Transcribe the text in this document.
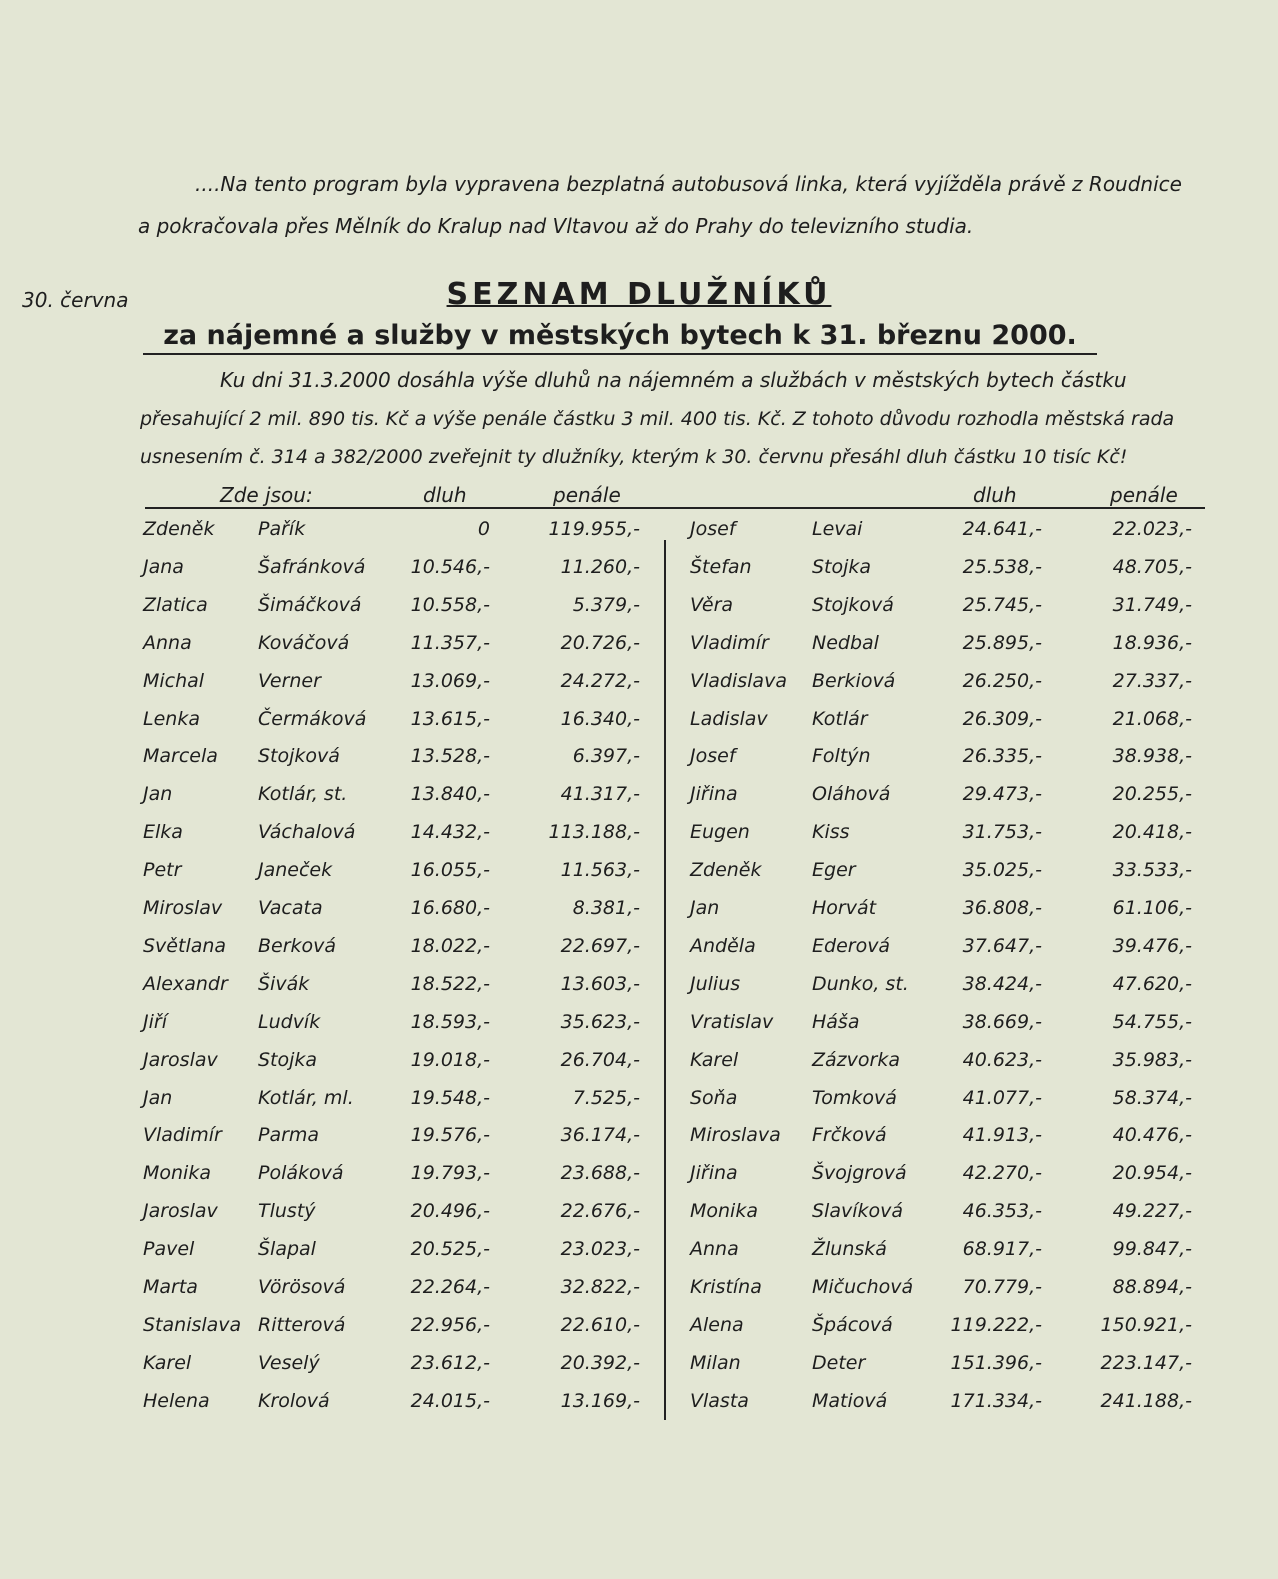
....Na tento program byla vypravena bezplatná autobusová linka, která vyjížděla právě z Roudnice
a pokračovala přes Mělník do Kralup nad Vltavou až do Prahy do televizního studia.
30. června	SEZNAM DLUŽNÍKŮ
za nájemné a služby v městských bytech k 31. březnu 2000.
Ku dni 31.3.2000 dosáhla výše dluhů na nájemném a službách v městských bytech částku
přesahující 2 mil. 890 tis. Kč a výše penále částku 3 mil. 400 tis. Kč. Z tohoto důvodu rozhodla městská rada
usnesením č. 314 a 382/2000 zveřejnit ty dlužníky, kterým k 30. červnu přesáhl dluh částku 10 tisíc Kč!
Zde jsou:	dluh	penále	dluh	penále
Zdeněk Pařík	0	119.955,-
Jana	Šafránková	10.546,-	11.260,-
Zlatica	Šimáčková	10.558,-	5.379,-
Anna	Kováčová	11.357,-	20.726,-
Michal	Verner	13.069,-	24.272,-
Lenka	Čermáková	13.615,-	16.340,-
Marcela Stojková	13.528,-	6.397,-
Jan	Kotlár, st.	13.840,-	41.317,-
Elka	Váchalová	14.432,-	113.188,-
Petr	Janeček	16.055,-	11.563,-
Miroslav Vacata	16.680,-	8.381,-
Světlana Berková	18.022,-	22.697,-
Alexandr Šivák	18.522,-	13.603,-
Jiří	Ludvík	18.593,-	35.623,-
Jaroslav Stojka	19.018,-	26.704,-
Jan	Kotlár, ml.	19.548,-	7.525,-
Vladimír Parma	19.576,-	36.174,-
Monika Poláková	19.793,-	23.688,-
Jaroslav Tlustý	20.496,-	22.676,-
Pavel	Šlapal	20.525,-	23.023,-
Marta	Vörösová	22.264,-	32.822,-
Stanislava Ritterová	22.956,-	22.610,-
Karel	Veselý	23.612,-	20.392,-
Helena	Krolová	24.015,-	13.169,-
Josef	Levai	24.641,-	22.023,-
Štefan	Stojka	25.538,-	48.705,-
Věra	Stojková	25.745,-	31.749,-
Vladimír Nedbal	25.895,-	18.936,-
Vladislava Berkiová	26.250,-	27.337,-
Ladislav Kotlár	26.309,-	21.068,-
Josef	Foltýn	26.335,-	38.938,-
Jiřina	Oláhová	29.473,-	20.255,-
Eugen	Kiss	31.753,-	20.418,-
Zdeněk	Eger	35.025,-	33.533,-
Jan	Horvát	36.808,-	61.106,-
Anděla	Ederová	37.647,-	39.476,-
Julius	Dunko, st.	38.424,-	47.620,-
Vratislav Háša	38.669,-	54.755,-
Karel	Zázvorka	40.623,-	35.983,-
Soňa	Tomková	41.077,-	58.374,-
Miroslava Frčková	41.913,-	40.476,-
Jiřina	Švojgrová	42.270,-	20.954,-
Monika	Slavíková	46.353,-	49.227,-
Anna	Žlunská	68.917,-	99.847,-
Kristína	Mičuchová	70.779,-	88.894,-
Alena	Špácová	119.222,-	150.921,-
Milan	Deter	151.396,-	223.147,-
Vlasta	Matiová	171.334,-	241.188,-
